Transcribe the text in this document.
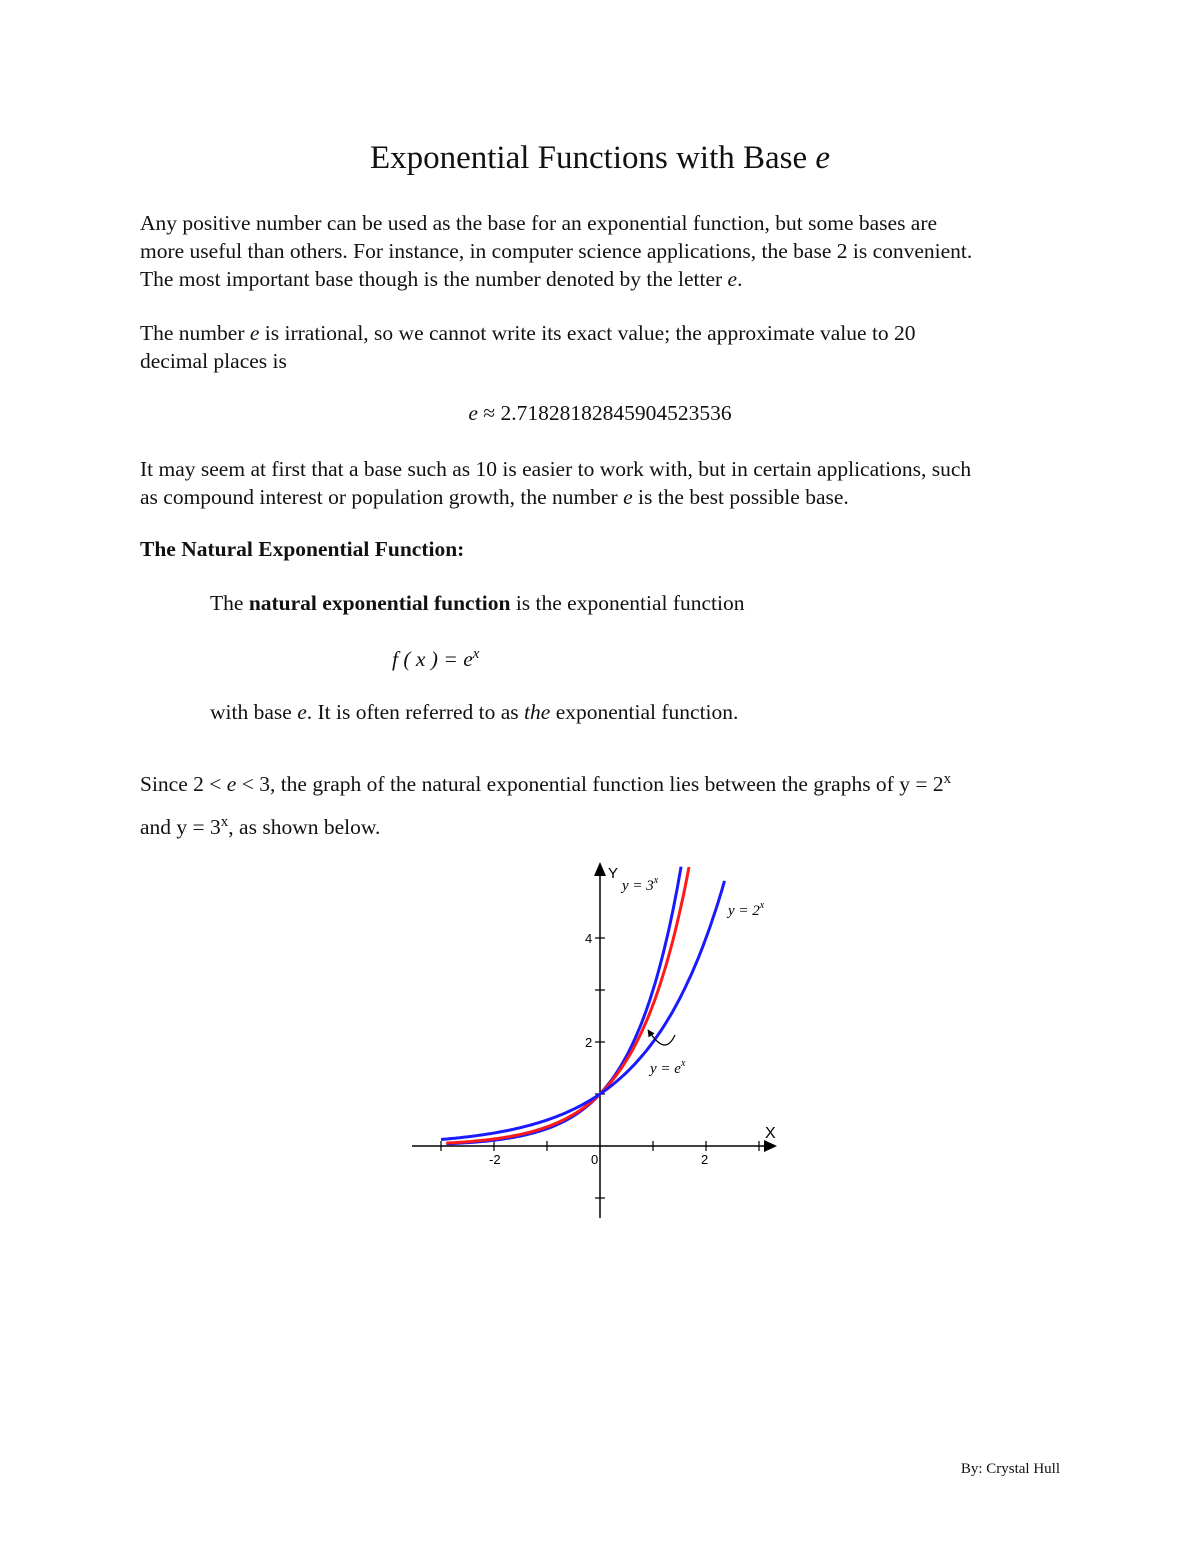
Exponential Functions with Base e

Any positive number can be used as the base for an exponential function, but some bases are
more useful than others. For instance, in computer science applications, the base 2 is convenient.
The most important base though is the number denoted by the letter e.

The number e is irrational, so we cannot write its exact value; the approximate value to 20
decimal places is

e ≈ 2.71828182845904523536

It may seem at first that a base such as 10 is easier to work with, but in certain applications, such
as compound interest or population growth, the number e is the best possible base.

The Natural Exponential Function:

The natural exponential function is the exponential function

f ( x ) = $e^x$

with base e. It is often referred to as the exponential function.

Since 2 < e < 3, the graph of the natural exponential function lies between the graphs of $y = 2^x$
and $y = 3^x$, as shown below.

X
Y
-2	0	2
2
4
$y = 3^x$
$y = 2^x$
$y = e^x$

By: Crystal Hull
